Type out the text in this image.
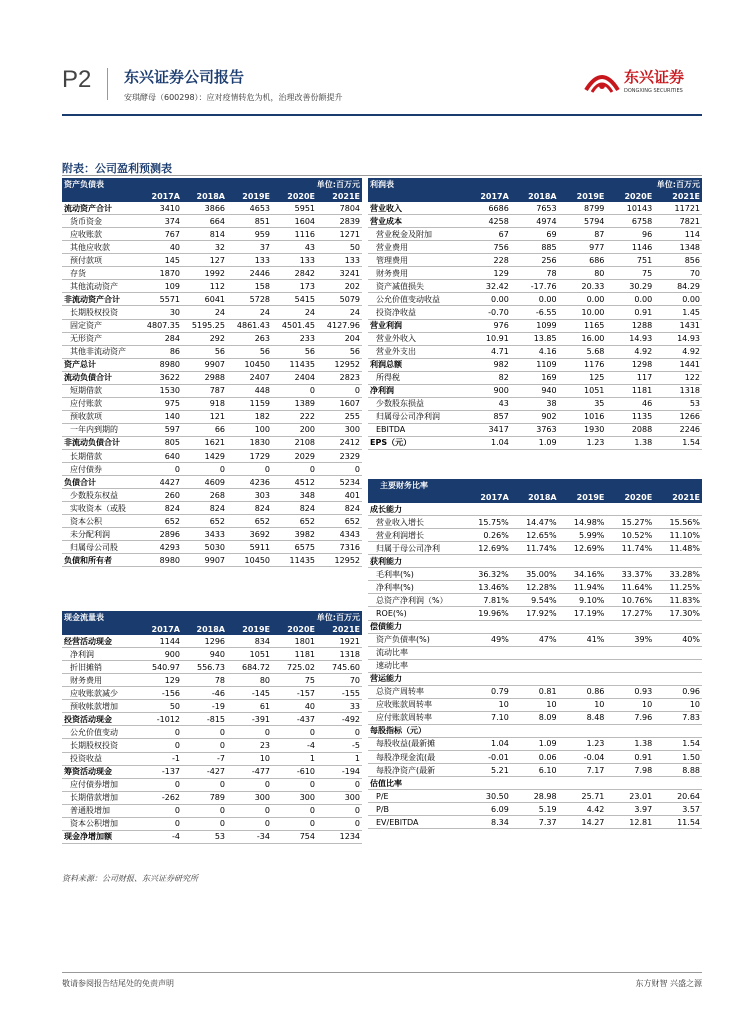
P2 东兴证券公司报告
安琪酵母（600298）：应对疫情转危为机，治理改善份额提升
东兴证券
DONGXING SECURITIES
附表：公司盈利预测表
资产负债表	单位:百万元				
	2017A	2018A	2019E	2020E	2021E
流动资产合计	3410	3866	4653	5951	7804
货币资金	374	664	851	1604	2839
应收账款	767	814	959	1116	1271
其他应收款	40	32	37	43	50
预付款项	145	127	133	133	133
存货	1870	1992	2446	2842	3241
其他流动资产	109	112	158	173	202
非流动资产合计	5571	6041	5728	5415	5079
长期股权投资	30	24	24	24	24
固定资产	4807.35	5195.25	4861.43	4501.45	4127.96
无形资产	284	292	263	233	204
其他非流动资产	86	56	56	56	56
资产总计	8980	9907	10450	11435	12952
流动负债合计	3622	2988	2407	2404	2823
短期借款	1530	787	448	0	0
应付账款	975	918	1159	1389	1607
预收款项	140	121	182	222	255
一年内到期的	597	66	100	200	300
非流动负债合计	805	1621	1830	2108	2412
长期借款	640	1429	1729	2029	2329
应付债券	0	0	0	0	0
负债合计	4427	4609	4236	4512	5234
少数股东权益	260	268	303	348	401
实收资本（或股	824	824	824	824	824
资本公积	652	652	652	652	652
未分配利润	2896	3433	3692	3982	4343
归属母公司股	4293	5030	5911	6575	7316
负债和所有者	8980	9907	10450	11435	12952
现金流量表	单位:百万元				
	2017A	2018A	2019E	2020E	2021E
经营活动现金	1144	1296	834	1801	1921
净利润	900	940	1051	1181	1318
折旧摊销	540.97	556.73	684.72	725.02	745.60
财务费用	129	78	80	75	70
应收账款减少	-156	-46	-145	-157	-155
预收帐款增加	50	-19	61	40	33
投资活动现金	-1012	-815	-391	-437	-492
公允价值变动	0	0	0	0	0
长期股权投资	0	0	23	-4	-5
投资收益	-1	-7	10	1	1
筹资活动现金	-137	-427	-477	-610	-194
应付债券增加	0	0	0	0	0
长期借款增加	-262	789	300	300	300
普通股增加	0	0	0	0	0
资本公积增加	0	0	0	0	0
现金净增加额	-4	53	-34	754	1234
利润表	单位:百万元				
	2017A	2018A	2019E	2020E	2021E
营业收入	6686	7653	8799	10143	11721
营业成本	4258	4974	5794	6758	7821
营业税金及附加	67	69	87	96	114
营业费用	756	885	977	1146	1348
管理费用	228	256	686	751	856
财务费用	129	78	80	75	70
资产减值损失	32.42	-17.76	20.33	30.29	84.29
公允价值变动收益	0.00	0.00	0.00	0.00	0.00
投资净收益	-0.70	-6.55	10.00	0.91	1.45
营业利润	976	1099	1165	1288	1431
营业外收入	10.91	13.85	16.00	14.93	14.93
营业外支出	4.71	4.16	5.68	4.92	4.92
利润总额	982	1109	1176	1298	1441
所得税	82	169	125	117	122
净利润	900	940	1051	1181	1318
少数股东损益	43	38	35	46	53
归属母公司净利润	857	902	1016	1135	1266
EBITDA	3417	3763	1930	2088	2246
EPS（元）	1.04	1.09	1.23	1.38	1.54
主要财务比率					
	2017A	2018A	2019E	2020E	2021E
成长能力					
营业收入增长	15.75%	14.47%	14.98%	15.27%	15.56%
营业利润增长	0.26%	12.65%	5.99%	10.52%	11.10%
归属于母公司净利	12.69%	11.74%	12.69%	11.74%	11.48%
获利能力					
毛利率(%)	36.32%	35.00%	34.16%	33.37%	33.28%
净利率(%)	13.46%	12.28%	11.94%	11.64%	11.25%
总资产净利润（%）	7.81%	9.54%	9.10%	10.76%	11.83%
ROE(%)	19.96%	17.92%	17.19%	17.27%	17.30%
偿债能力					
资产负债率(%)	49%	47%	41%	39%	40%
流动比率					
速动比率					
营运能力					
总资产周转率	0.79	0.81	0.86	0.93	0.96
应收账款周转率	10	10	10	10	10
应付账款周转率	7.10	8.09	8.48	7.96	7.83
每股指标（元）					
每股收益(最新摊	1.04	1.09	1.23	1.38	1.54
每股净现金流(最	-0.01	0.06	-0.04	0.91	1.50
每股净资产(最新	5.21	6.10	7.17	7.98	8.88
估值比率					
P/E	30.50	28.98	25.71	23.01	20.64
P/B	6.09	5.19	4.42	3.97	3.57
EV/EBITDA	8.34	7.37	14.27	12.81	11.54
资料来源：公司财报、东兴证券研究所
敬请参阅报告结尾处的免责声明	东方财智 兴盛之源
